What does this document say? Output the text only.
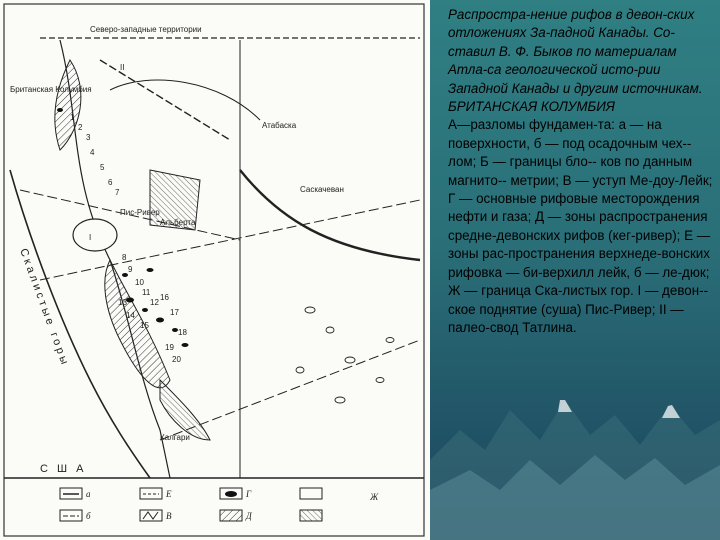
Северо-западные территории
Британская Колумбия
Альберта
Саскачеван
Пис-Ривер
Атабаска
Калгари
С Ш А
Скалистые горы
I
II
1
2
3
4
5
6
7
8
9
10
11
12
13
14
15
16
17
18
19
20
а	Е	Г	Ж
б	В	Д
Распростра-нение рифов в девон-ских отложениях За-падной Канады. Со-ставил В. Ф. Быков по материалам Атла-са геологической исто-рии Западной Канады и другим источникам. БРИТАНСКАЯ КОЛУМБИЯ
А—разломы фундамен-та: а — на поверхности, б — под осадочным чех-- лом; Б — границы бло-- ков по данным магнито-- метрии; В — уступ Ме-доу-Лейк; Г — основные рифовые месторождения нефти и газа; Д — зоны распространения средне-девонских рифов (кег-ривер); Е — зоны рас-пространения верхнеде-вонских рифовка — би-верхилл лейк, б — ле-дюк; Ж — граница Ска-листых гор. I — девон-- ское поднятие (суша) Пис-Ривер; II — палео-свод Татлина.
